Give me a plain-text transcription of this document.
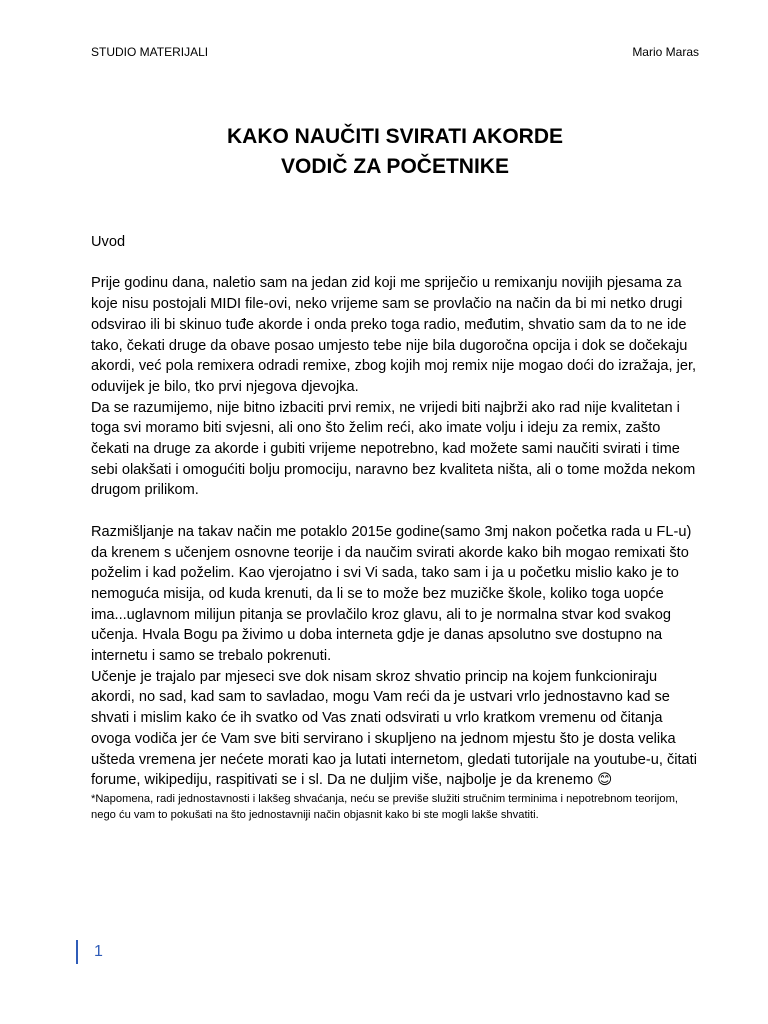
STUDIO MATERIJALI	Mario Maras
KAKO NAUČITI SVIRATI AKORDE
VODIČ ZA POČETNIKE

Uvod

Prije godinu dana, naletio sam na jedan zid koji me spriječio u remixanju novijih pjesama za koje nisu postojali MIDI file-ovi, neko vrijeme sam se provlačio na način da bi mi netko drugi odsvirao ili bi skinuo tuđe akorde i onda preko toga radio, međutim, shvatio sam da to ne ide tako, čekati druge da obave posao umjesto tebe nije bila dugoročna opcija i dok se dočekaju akordi, već pola remixera odradi remixe, zbog kojih moj remix nije mogao doći do izražaja, jer, oduvijek je bilo, tko prvi njegova djevojka.

Da se razumijemo, nije bitno izbaciti prvi remix, ne vrijedi biti najbrži ako rad nije kvalitetan i toga svi moramo biti svjesni, ali ono što želim reći, ako imate volju i ideju za remix, zašto čekati na druge za akorde i gubiti vrijeme nepotrebno, kad možete sami naučiti svirati i time sebi olakšati i omogućiti bolju promociju, naravno bez kvaliteta ništa, ali o tome možda nekom drugom prilikom.

Razmišljanje na takav način me potaklo 2015e godine(samo 3mj nakon početka rada u FL-u) da krenem s učenjem osnovne teorije i da naučim svirati akorde kako bih mogao remixati što poželim i kad poželim. Kao vjerojatno i svi Vi sada, tako sam i ja u početku mislio kako je to nemoguća misija, od kuda krenuti, da li se to može bez muzičke škole, koliko toga uopće ima...uglavnom milijun pitanja se provlačilo kroz glavu, ali to je normalna stvar kod svakog učenja. Hvala Bogu pa živimo u doba interneta gdje je danas apsolutno sve dostupno na internetu i samo se trebalo pokrenuti.

Učenje je trajalo par mjeseci sve dok nisam skroz shvatio princip na kojem funkcioniraju akordi, no sad, kad sam to savladao, mogu Vam reći da je ustvari vrlo jednostavno kad se shvati i mislim kako će ih svatko od Vas znati odsvirati u vrlo kratkom vremenu od čitanja ovoga vodiča jer će Vam sve biti servirano i skupljeno na jednom mjestu što je dosta velika ušteda vremena jer nećete morati kao ja lutati internetom, gledati tutorijale na youtube-u, čitati forume, wikipediju, raspitivati se i sl. Da ne duljim više, najbolje je da krenemo 😊

*Napomena, radi jednostavnosti i lakšeg shvaćanja, neću se previše služiti stručnim terminima i nepotrebnom teorijom, nego ću vam to pokušati na što jednostavniji način objasnit kako bi ste mogli lakše shvatiti.

1
